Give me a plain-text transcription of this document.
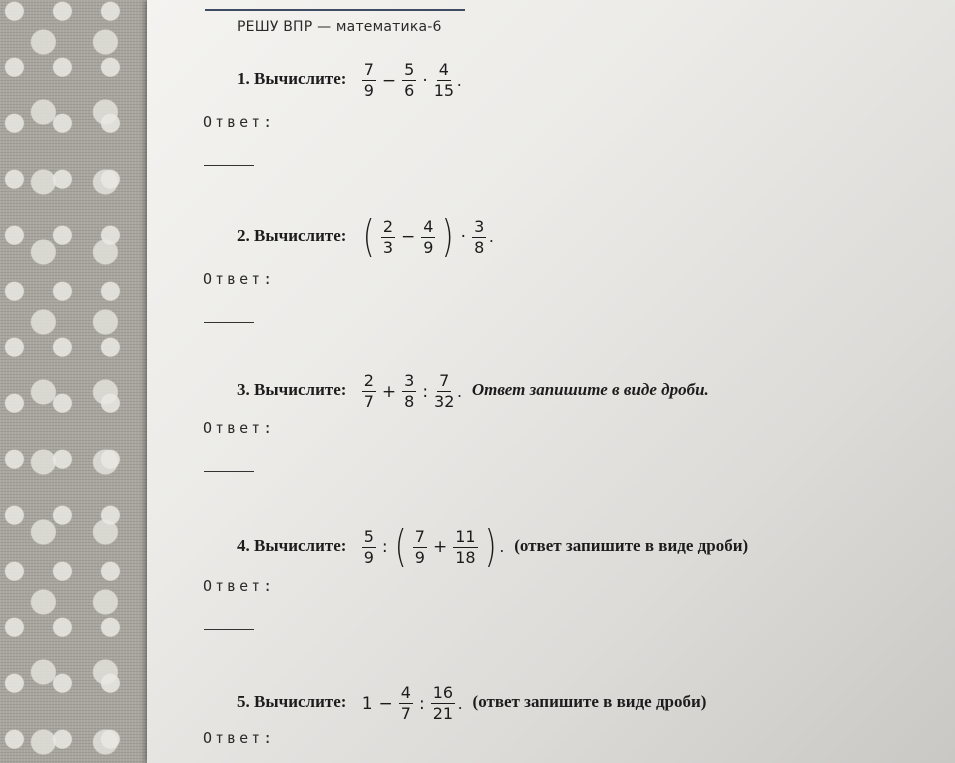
РЕШУ ВПР — математика-6
1. Вычислите: $\frac{7}{9} - \frac{5}{6} \cdot \frac{4}{15}$ .
Ответ:
2. Вычислите: ( $\frac{2}{3} - \frac{4}{9}$ ) · $\frac{3}{8}$ .
Ответ:
3. Вычислите: $\frac{2}{7} + \frac{3}{8}$ : $\frac{7}{32}$ . Ответ запишите в виде дроби.
Ответ:
4. Вычислите: $\frac{5}{9}$ : ( $\frac{7}{9} + \frac{11}{18}$ ) . (ответ запишите в виде дроби)
Ответ:
5. Вычислите: $1 - \frac{4}{7}$ : $\frac{16}{21}$ . (ответ запишите в виде дроби)
Ответ:
